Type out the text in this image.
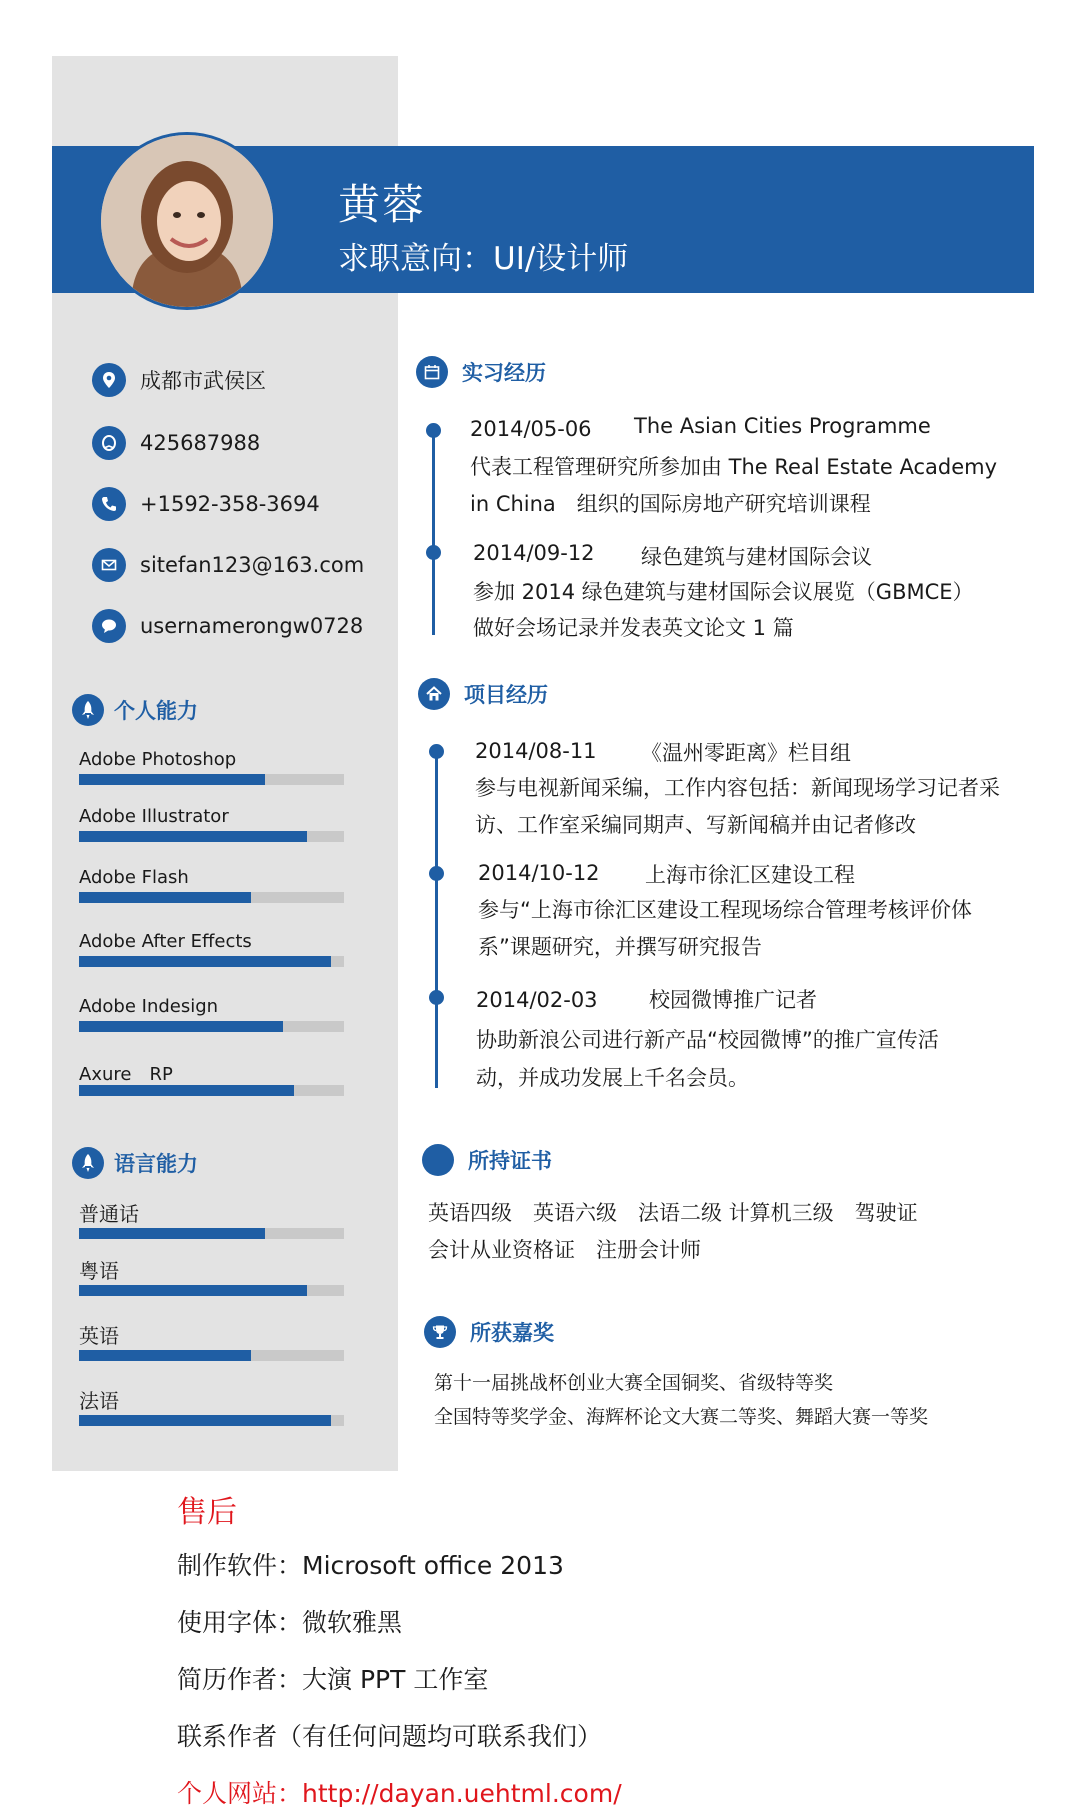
黄蓉
求职意向：UI/设计师
成都市武侯区
425687988
+1592-358-3694
sitefan123@163.com
usernamerongw0728
个人能力
Adobe Photoshop
Adobe Illustrator
Adobe Flash
Adobe After Effects
Adobe Indesign
Axure　RP
语言能力
普通话
粤语
英语
法语
实习经历
2014/05-06 The Asian Cities Programme
代表工程管理研究所参加由 The Real Estate Academy
in China　组织的国际房地产研究培训课程
2014/09-12 绿色建筑与建材国际会议
参加 2014 绿色建筑与建材国际会议展览（GBMCE）
做好会场记录并发表英文论文 1 篇
项目经历
2014/08-11 《温州零距离》栏目组
参与电视新闻采编，工作内容包括：新闻现场学习记者采
访、工作室采编同期声、写新闻稿并由记者修改
2014/10-12 上海市徐汇区建设工程
参与“上海市徐汇区建设工程现场综合管理考核评价体
系”课题研究，并撰写研究报告
2014/02-03 校园微博推广记者
协助新浪公司进行新产品“校园微博”的推广宣传活
动，并成功发展上千名会员。
所持证书
英语四级　英语六级　法语二级 计算机三级　驾驶证
会计从业资格证　注册会计师
所获嘉奖
第十一届挑战杯创业大赛全国铜奖、省级特等奖
全国特等奖学金、海辉杯论文大赛二等奖、舞蹈大赛一等奖
售后
制作软件：Microsoft office 2013
使用字体：微软雅黑
简历作者：大演 PPT 工作室
联系作者（有任何问题均可联系我们）
个人网站：http://dayan.uehtml.com/
